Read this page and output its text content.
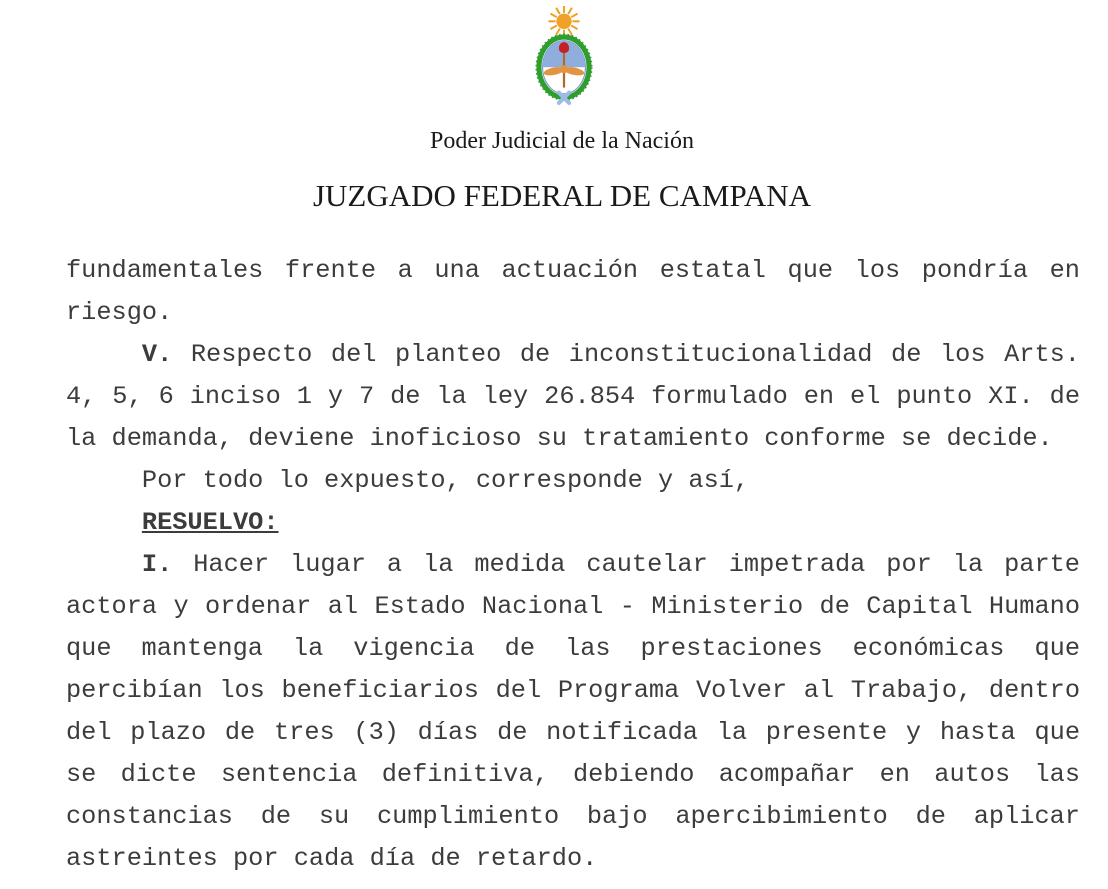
Poder Judicial de la Nación
JUZGADO FEDERAL DE CAMPANA

fundamentales frente a una actuación estatal que los pondría en riesgo.

V. Respecto del planteo de inconstitucionalidad de los Arts. 4, 5, 6 inciso 1 y 7 de la ley 26.854 formulado en el punto XI. de la demanda, deviene inoficioso su tratamiento conforme se decide.

Por todo lo expuesto, corresponde y así,

RESUELVO:

I. Hacer lugar a la medida cautelar impetrada por la parte actora y ordenar al Estado Nacional - Ministerio de Capital Humano que mantenga la vigencia de las prestaciones económicas que percibían los beneficiarios del Programa Volver al Trabajo, dentro del plazo de tres (3) días de notificada la presente y hasta que se dicte sentencia definitiva, debiendo acompañar en autos las constancias de su cumplimiento bajo apercibimiento de aplicar astreintes por cada día de retardo.
